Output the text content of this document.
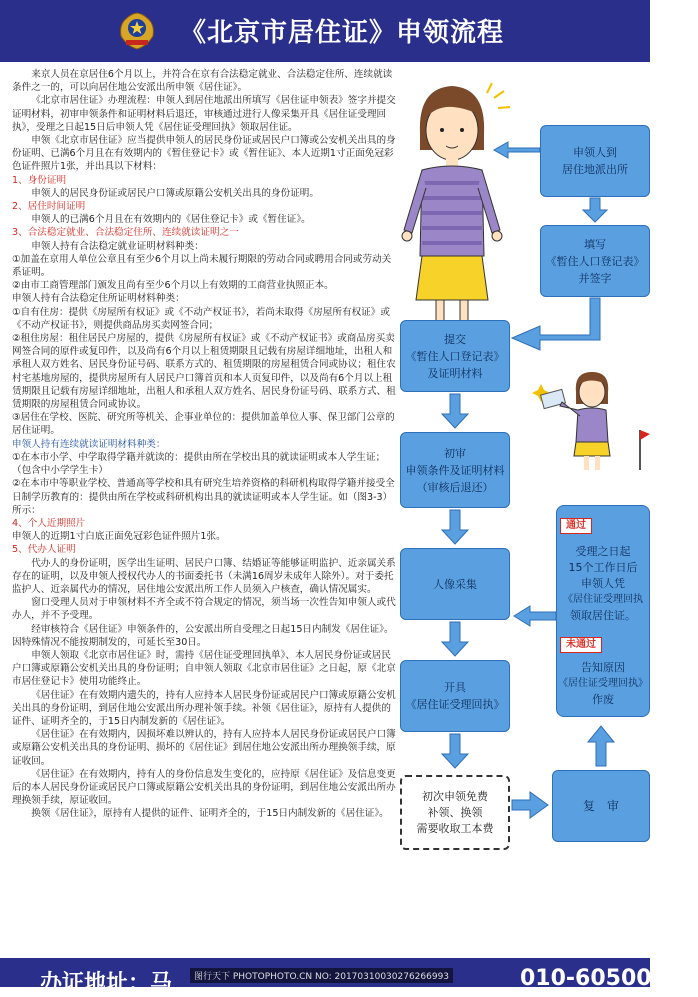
《北京市居住证》申领流程

来京人员在京居住6个月以上，并符合在京有合法稳定就业、合法稳定住所、连续就读条件之一的，可以向居住地公安派出所申领《居住证》。

《北京市居住证》办理流程：申领人到居住地派出所填写《居住证申领表》签字并提交证明材料，初审申领条件和证明材料后退还，审核通过进行人像采集开具《居住证受理回执》，受理之日起15日后申领人凭《居住证受理回执》领取居住证。

申领《北京市居住证》应当提供申领人的居民身份证或居民户口簿或公安机关出具的身份证明、已满6个月且在有效期内的《暂住登记卡》或《暂住证》、本人近期1寸正面免冠彩色证件照片1张，并出具以下材料：

1、身份证明

申领人的居民身份证或居民户口簿或原籍公安机关出具的身份证明。

2、居住时间证明

申领人的已满6个月且在有效期内的《居住登记卡》或《暂住证》。

3、合法稳定就业、合法稳定住所、连续就读证明之一

申领人持有合法稳定就业证明材料种类：

①加盖在京用人单位公章且有至少6个月以上尚未履行期限的劳动合同或聘用合同或劳动关系证明。

②由市工商管理部门颁发且尚有至少6个月以上有效期的工商营业执照正本。

申领人持有合法稳定住所证明材料种类：

①自有住房：提供《房屋所有权证》或《不动产权证书》，若尚未取得《房屋所有权证》或《不动产权证书》，则提供商品房买卖网签合同；

②租住房屋：租住居民户房屋的，提供《房屋所有权证》或《不动产权证书》或商品房买卖网签合同的原件或复印件，以及尚有6个月以上租赁期限且记载有房屋详细地址，出租人和承租人双方姓名、居民身份证号码、联系方式的、租赁期限的房屋租赁合同或协议；租住农村宅基地房屋的，提供房屋所有人居民户口簿首页和本人页复印件，以及尚有6个月以上租赁期限且记载有房屋详细地址，出租人和承租人双方姓名、居民身份证号码、联系方式、租赁期限的房屋租赁合同或协议。

③居住在学校、医院、研究所等机关、企事业单位的：提供加盖单位人事、保卫部门公章的居住证明。

申领人持有连续就读证明材料种类：

①在本市小学、中学取得学籍并就读的：提供由所在学校出具的就读证明或本人学生证；（包含中小学学生卡）

②在本市中等职业学校、普通高等学校和具有研究生培养资格的科研机构取得学籍并接受全日制学历教育的：提供由所在学校或科研机构出具的就读证明或本人学生证。如（图3-3）所示：

4、个人近期照片

申领人的近期1寸白底正面免冠彩色证件照片1张。

5、代办人证明

代办人的身份证明，医学出生证明、居民户口簿、结婚证等能够证明监护、近亲属关系存在的证明，以及申领人授权代办人的书面委托书（未满16周岁未成年人除外）。对于委托监护人、近亲属代办的情况，居住地公安派出所工作人员须入户核查，确认情况属实。

窗口受理人员对于申领材料不齐全或不符合规定的情况，须当场一次性告知申领人或代办人，并不予受理。

经审核符合《居住证》申领条件的，公安派出所自受理之日起15日内制发《居住证》。因特殊情况不能按期制发的，可延长至30日。

申领人领取《北京市居住证》时，需持《居住证受理回执单》、本人居民身份证或居民户口簿或原籍公安机关出具的身份证明；自申领人领取《北京市居住证》之日起，原《北京市居住登记卡》使用功能终止。

《居住证》在有效期内遗失的，持有人应持本人居民身份证或居民户口簿或原籍公安机关出具的身份证明，到居住地公安派出所办理补领手续。补领《居住证》，原持有人提供的证件、证明齐全的，于15日内制发新的《居住证》。

《居住证》在有效期内，因损坏难以辨认的，持有人应持本人居民身份证或居民户口簿或原籍公安机关出具的身份证明、损坏的《居住证》到居住地公安派出所办理换领手续，原证收回。

《居住证》在有效期内，持有人的身份信息发生变化的，应持原《居住证》及信息变更后的本人居民身份证或居民户口簿或原籍公安机关出具的身份证明，到居住地公安派出所办理换领手续，原证收回。

换领《居住证》，原持有人提供的证件、证明齐全的，于15日内制发新的《居住证》。

申领人到
居住地派出所
填写
《暂住人口登记表》
并签字
提交
《暂住人口登记表》
及证明材料
初审
申领条件及证明材料
（审核后退还）
人像采集
开具
《居住证受理回执》
复　审
通过
受理之日起
15个工作日后
申领人凭
《居住证受理回执
领取居住证。
未通过
告知原因
《居住证受理回执》
作废
初次申领免费
补领、换领
需要收取工本费
办证地址：马	010-60500221
图行天下 PHOTOPHOTO.CN NO: 20170310030276266993
